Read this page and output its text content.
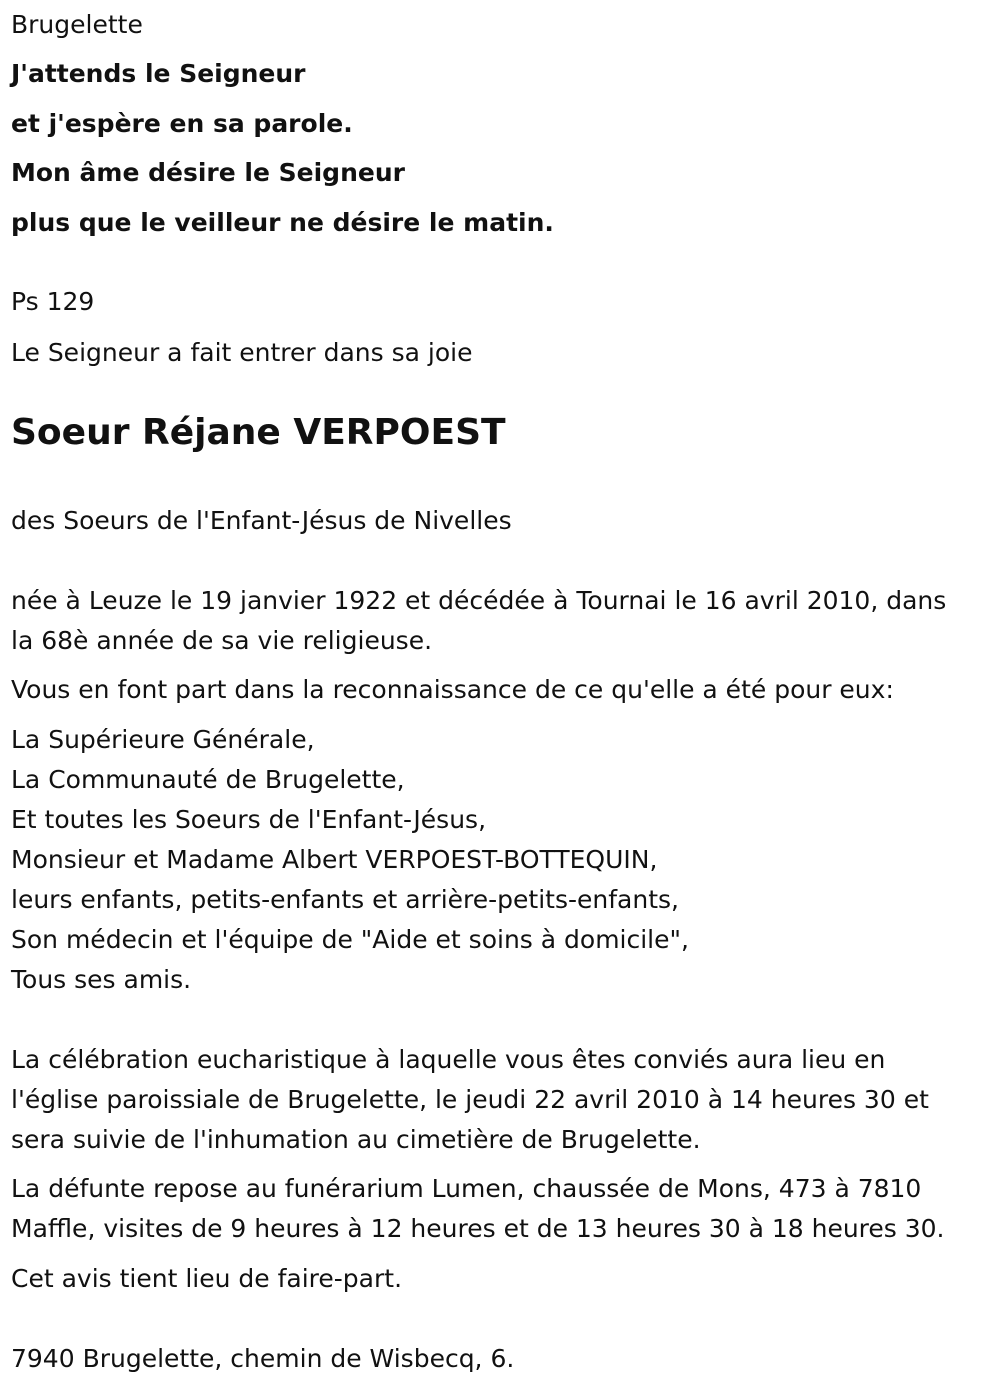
Brugelette
J'attends le Seigneur
et j'espère en sa parole.
Mon âme désire le Seigneur
plus que le veilleur ne désire le matin.
Ps 129
Le Seigneur a fait entrer dans sa joie
Soeur Réjane VERPOEST
des Soeurs de l'Enfant-Jésus de Nivelles
née à Leuze le 19 janvier 1922 et décédée à Tournai le 16 avril 2010, dans
la 68è année de sa vie religieuse.
Vous en font part dans la reconnaissance de ce qu'elle a été pour eux:
La Supérieure Générale,
La Communauté de Brugelette,
Et toutes les Soeurs de l'Enfant-Jésus,
Monsieur et Madame Albert VERPOEST-BOTTEQUIN,
leurs enfants, petits-enfants et arrière-petits-enfants,
Son médecin et l'équipe de "Aide et soins à domicile",
Tous ses amis.
La célébration eucharistique à laquelle vous êtes conviés aura lieu en
l'église paroissiale de Brugelette, le jeudi 22 avril 2010 à 14 heures 30 et
sera suivie de l'inhumation au cimetière de Brugelette.
La défunte repose au funérarium Lumen, chaussée de Mons, 473 à 7810
Maffle, visites de 9 heures à 12 heures et de 13 heures 30 à 18 heures 30.
Cet avis tient lieu de faire-part.
7940 Brugelette, chemin de Wisbecq, 6.
